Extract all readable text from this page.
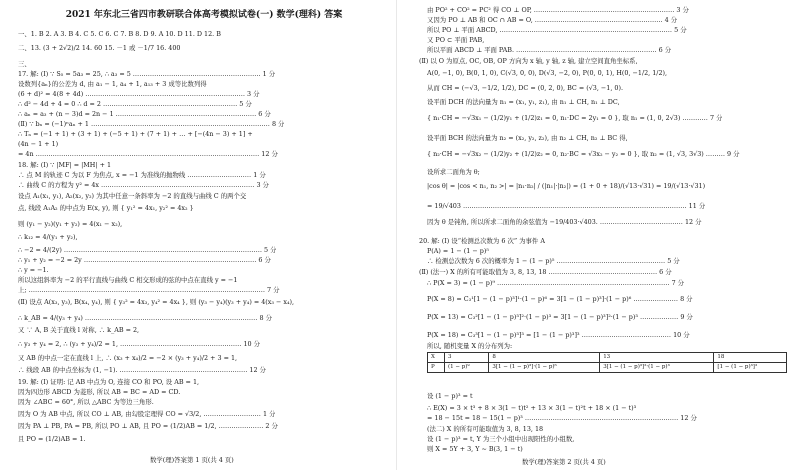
2021 年东北三省四市教研联合体高考模拟试卷(一) 数学(理科) 答案
一、1. B 2. A 3. B 4. C 5. C 6. C 7. B 8. D 9. A 10. D 11. D 12. B
二、13. (3 + 2√2)/2 14. 60 15. －1 或 －1/7 16. 400
三、
17. 解: (Ⅰ) ∵ S₅ = 5a₃ = 25, ∴ a₃ = 5 …………………………………………………… 1 分
设数列{aₙ}的公差为 d, 由 a₁ − 1, a₄ + 1, a₁₃ + 3 成等比数列得
(6 + d)² = 4(8 + 4d) ………………………………………………………………… 3 分
∴ d² − 4d + 4 = 0 ∴ d = 2 ……………………………………………………… 5 分
∴ aₙ = a₃ + (n − 3)d = 2n − 1 ………………………………………………………… 6 分
(Ⅱ) ∵ bₙ = (−1)ⁿaₙ + 1 ………………………………………………………………………… 8 分
∴ Tₙ = (−1 + 1) + (3 + 1) + (−5 + 1) + (7 + 1) + … + [−(4n − 3) + 1] +
(4n − 1 + 1)
= 4n …………………………………………………………………………………………… 12 分
18. 解: (Ⅰ) ∵ |MF| = |MH| + 1
∴ 点 M 的轨迹 C 为以 F 为焦点, x = −1 为准线的抛物线 ………………………… 1 分
∴ 曲线 C 的方程为 y² = 4x ……………………………………………………………… 3 分
设点 A₁(x₁, y₁), A₂(x₂, y₂) 为其中任意一条斜率为 −2 的直线与曲线 C 的两个交
点, 线段 A₁A₂ 的中点为 E(x, y), 则 { y₁² = 4x₁, y₂² = 4x₂ }
则 (y₁ − y₂)(y₁ + y₂) = 4(x₁ − x₂),
∴ k₁₂ = 4/(y₁ + y₂),
∴ −2 = 4/(2y) ………………………………………………………………………………… 5 分
∴ y₁ + y₂ = −2 = 2y ……………………………………………………………………… 6 分
∴ y = −1.
所以这组斜率为 −2 的平行直线与曲线 C 相交形成的弦的中点在直线 y = −1
上; ………………………………………………………………………………………………… 7 分
(Ⅱ) 设点 A(x₃, y₃), B(x₄, y₄), 则 { y₃² = 4x₃, y₄² = 4x₄ }, 则 (y₃ − y₄)(y₃ + y₄) = 4(x₃ − x₄),
∴ k_AB = 4/(y₃ + y₄) ……………………………………………………………………… 8 分
又 ∵ A, B 关于直线 l 对称, ∴ k_AB = 2,
∴ y₃ + y₄ = 2, ∴ (y₃ + y₄)/2 = 1, ………………………………………………… 10 分
又 AB 的中点一定在直线 l 上, ∴ (x₃ + x₄)/2 = −2 × (y₃ + y₄)/2 + 3 = 1,
∴ 线段 AB 的中点坐标为 (1, −1). …………………………………………………… 12 分
19. 解: (Ⅰ) 证明: 记 AB 中点为 O, 连接 CO 和 PO, 设 AB = 1,
因为四边形 ABCD 为菱形, 所以 AB = BC = AD = CD.
因为 ∠ABC = 60°, 所以 △ABC 为等边三角形.
因为 O 为 AB 中点, 所以 CO ⊥ AB, 由勾股定理得 CO = √3/2, ……………………… 1 分
因为 PA ⊥ PB, PA = PB, 所以 PO ⊥ AB, 且 PO = (1/2)AB = 1/2, ………………… 2 分
且 PO = (1/2)AB = 1.
数学(理)答案第 1 页(共 4 页)
由 PO² + CO² = PC² 得 CO ⊥ OP, ………………………………………………………… 3 分
又因为 PO ⊥ AB 和 OC ∩ AB = O, …………………………………………………… 4 分
所以 PO ⊥ 平面 ABCD, ……………………………………………………………………… 5 分
又 PO ⊂ 平面 PAB,
所以平面 ABCD ⊥ 平面 PAB. ………………………………………………………… 6 分
(Ⅱ) 以 O 为原点, OC, OB, OP 方向为 x 轴, y 轴, z 轴, 建立空间直角坐标系,
A(0, −1, 0), B(0, 1, 0), C(√3, 0, 0), D(√3, −2, 0), P(0, 0, 1), H(0, −1/2, 1/2),
从而 CH = (−√3, −1/2, 1/2), DC = (0, 2, 0), BC = (√3, −1, 0).
设平面 DCH 的法向量为 n₁ = (x₁, y₁, z₁), 由 n₁ ⊥ CH, n₁ ⊥ DC,
{ n₁·CH = −√3x₁ − (1/2)y₁ + (1/2)z₁ = 0, n₁·DC = 2y₁ = 0 }, 取 n₁ = (1, 0, 2√3) ………… 7 分
设平面 BCH 的法向量为 n₂ = (x₂, y₂, z₂), 由 n₂ ⊥ CH, n₂ ⊥ BC 得,
{ n₂·CH = −√3x₂ − (1/2)y₂ + (1/2)z₂ = 0, n₂·BC = √3x₂ − y₂ = 0 }, 取 n₂ = (1, √3, 3√3) ……… 9 分
设所求二面角为 θ;
|cos θ| = |cos < n₁, n₂ >| = |n₁·n₂| / (|n₁|·|n₂|) = (1 + 0 + 18)/(√13·√31) = 19/(√13·√31)
= 19/√403 …………………………………………………………………………………………… 11 分
因为 θ 是钝角, 所以所求二面角的余弦值为 −19/403·√403. ………………………………… 12 分
20. 解: (Ⅰ) 设“检测总次数为 6 次” 为事件 A
P(A) = 1 − (1 − p)⁵
∴ 检测总次数为 6 次的概率为 1 − (1 − p)⁵ …………………………………………… 5 分
(Ⅱ) (法一) X 的所有可能取值为 3, 8, 13, 18 …………………………………………… 6 分
∴ P(X = 3) = (1 − p)⁹ ……………………………………………………………………… 7 分
P(X = 8) = C₃¹[1 − (1 − p)³]¹·(1 − p)⁶ = 3[1 − (1 − p)³]·(1 − p)⁶ ………………… 8 分
P(X = 13) = C₃²[1 − (1 − p)³]²·(1 − p)³ = 3[1 − (1 − p)³]²·(1 − p)³ ……………… 9 分
P(X = 18) = C₃³[1 − (1 − p)³]³ = [1 − (1 − p)³]³ …………………………………… 10 分
所以, 随机变量 X 的分布列为:
X	3	8	13	18
P	(1 − p)⁹	3[1 − (1 − p)³]·(1 − p)⁶	3[1 − (1 − p)³]²·(1 − p)³	[1 − (1 − p)³]³
设 (1 − p)³ = t
∴ E(X) = 3 × t³ + 8 × 3(1 − t)t² + 13 × 3(1 − t)²t + 18 × (1 − t)³
= 18 − 15t = 18 − 15(1 − p)³ ……………………………………………………………… 12 分
(法二) X 的所有可能取值为 3, 8, 13, 18
设 (1 − p)³ = t, Y 为三个小组中出现阳性的小组数,
则 X = 5Y + 3, Y ~ B(3, 1 − t)
数学(理)答案第 2 页(共 4 页)
